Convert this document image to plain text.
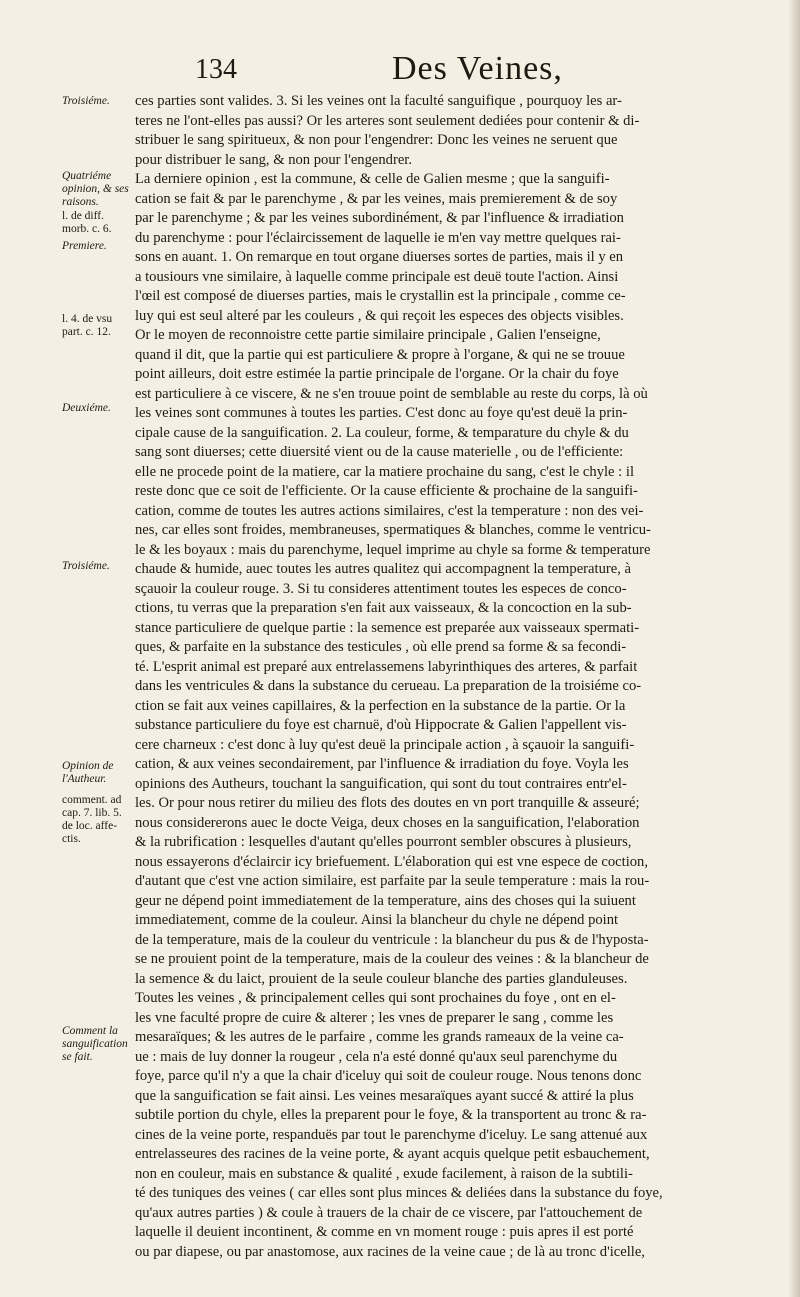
134	Des Veines,
Troisiéme.
Quatriéme
opinion, & ses
raisons.
l. de diff.
morb. c. 6.
Premiere.
l. 4. de vsu
part. c. 12.
Deuxiéme.
Troisiéme.
Opinion de
l'Autheur.
comment. ad
cap. 7. lib. 5.
de loc. affe-
ctis.
Comment la
sanguification
se fait.
ces parties sont valides. 3. Si les veines ont la faculté sanguifique , pourquoy les ar-
teres ne l'ont-elles pas aussi? Or les arteres sont seulement dediées pour contenir & di-
stribuer le sang spiritueux, & non pour l'engendrer: Donc les veines ne seruent que
pour distribuer le sang, & non pour l'engendrer.
La derniere opinion , est la commune, & celle de Galien mesme ; que la sanguifi-
cation se fait & par le parenchyme , & par les veines, mais premierement & de soy
par le parenchyme ; & par les veines subordinément, & par l'influence & irradiation
du parenchyme : pour l'éclaircissement de laquelle ie m'en vay mettre quelques rai-
sons en auant. 1. On remarque en tout organe diuerses sortes de parties, mais il y en
a tousiours vne similaire, à laquelle comme principale est deuë toute l'action. Ainsi
l'œil est composé de diuerses parties, mais le crystallin est la principale , comme ce-
luy qui est seul alteré par les couleurs , & qui reçoit les especes des objects visibles.
Or le moyen de reconnoistre cette partie similaire principale , Galien l'enseigne,
quand il dit, que la partie qui est particuliere & propre à l'organe, & qui ne se trouue
point ailleurs, doit estre estimée la partie principale de l'organe. Or la chair du foye
est particuliere à ce viscere, & ne s'en trouue point de semblable au reste du corps, là où
les veines sont communes à toutes les parties. C'est donc au foye qu'est deuë la prin-
cipale cause de la sanguification. 2. La couleur, forme, & temparature du chyle & du
sang sont diuerses; cette diuersité vient ou de la cause materielle , ou de l'efficiente:
elle ne procede point de la matiere, car la matiere prochaine du sang, c'est le chyle : il
reste donc que ce soit de l'efficiente. Or la cause efficiente & prochaine de la sanguifi-
cation, comme de toutes les autres actions similaires, c'est la temperature : non des vei-
nes, car elles sont froides, membraneuses, spermatiques & blanches, comme le ventricu-
le & les boyaux : mais du parenchyme, lequel imprime au chyle sa forme & temperature
chaude & humide, auec toutes les autres qualitez qui accompagnent la temperature, à
sçauoir la couleur rouge. 3. Si tu consideres attentiment toutes les especes de conco-
ctions, tu verras que la preparation s'en fait aux vaisseaux, & la concoction en la sub-
stance particuliere de quelque partie : la semence est preparée aux vaisseaux spermati-
ques, & parfaite en la substance des testicules , où elle prend sa forme & sa fecondi-
té. L'esprit animal est preparé aux entrelassemens labyrinthiques des arteres, & parfait
dans les ventricules & dans la substance du cerueau. La preparation de la troisiéme co-
ction se fait aux veines capillaires, & la perfection en la substance de la partie. Or la
substance particuliere du foye est charnuë, d'où Hippocrate & Galien l'appellent vis-
cere charneux : c'est donc à luy qu'est deuë la principale action , à sçauoir la sanguifi-
cation, & aux veines secondairement, par l'influence & irradiation du foye. Voyla les
opinions des Autheurs, touchant la sanguification, qui sont du tout contraires entr'el-
les. Or pour nous retirer du milieu des flots des doutes en vn port tranquille & asseuré;
nous considererons auec le docte Veiga, deux choses en la sanguification, l'elaboration
& la rubrification : lesquelles d'autant qu'elles pourront sembler obscures à plusieurs,
nous essayerons d'éclaircir icy briefuement. L'élaboration qui est vne espece de coction,
d'autant que c'est vne action similaire, est parfaite par la seule temperature : mais la rou-
geur ne dépend point immediatement de la temperature, ains des choses qui la suiuent
immediatement, comme de la couleur. Ainsi la blancheur du chyle ne dépend point
de la temperature, mais de la couleur du ventricule : la blancheur du pus & de l'hyposta-
se ne prouient point de la temperature, mais de la couleur des veines : & la blancheur de
la semence & du laict, prouient de la seule couleur blanche des parties glanduleuses.
Toutes les veines , & principalement celles qui sont prochaines du foye , ont en el-
les vne faculté propre de cuire & alterer ; les vnes de preparer le sang , comme les
mesaraïques; & les autres de le parfaire , comme les grands rameaux de la veine ca-
ue : mais de luy donner la rougeur , cela n'a esté donné qu'aux seul parenchyme du
foye, parce qu'il n'y a que la chair d'iceluy qui soit de couleur rouge. Nous tenons donc
que la sanguification se fait ainsi. Les veines mesaraïques ayant succé & attiré la plus
subtile portion du chyle, elles la preparent pour le foye, & la transportent au tronc & ra-
cines de la veine porte, respanduës par tout le parenchyme d'iceluy. Le sang attenué aux
entrelasseures des racines de la veine porte, & ayant acquis quelque petit esbauchement,
non en couleur, mais en substance & qualité , exude facilement, à raison de la subtili-
té des tuniques des veines ( car elles sont plus minces & deliées dans la substance du foye,
qu'aux autres parties ) & coule à trauers de la chair de ce viscere, par l'attouchement de
laquelle il deuient incontinent, & comme en vn moment rouge : puis apres il est porté
ou par diapese, ou par anastomose, aux racines de la veine caue ; de là au tronc d'icelle,
